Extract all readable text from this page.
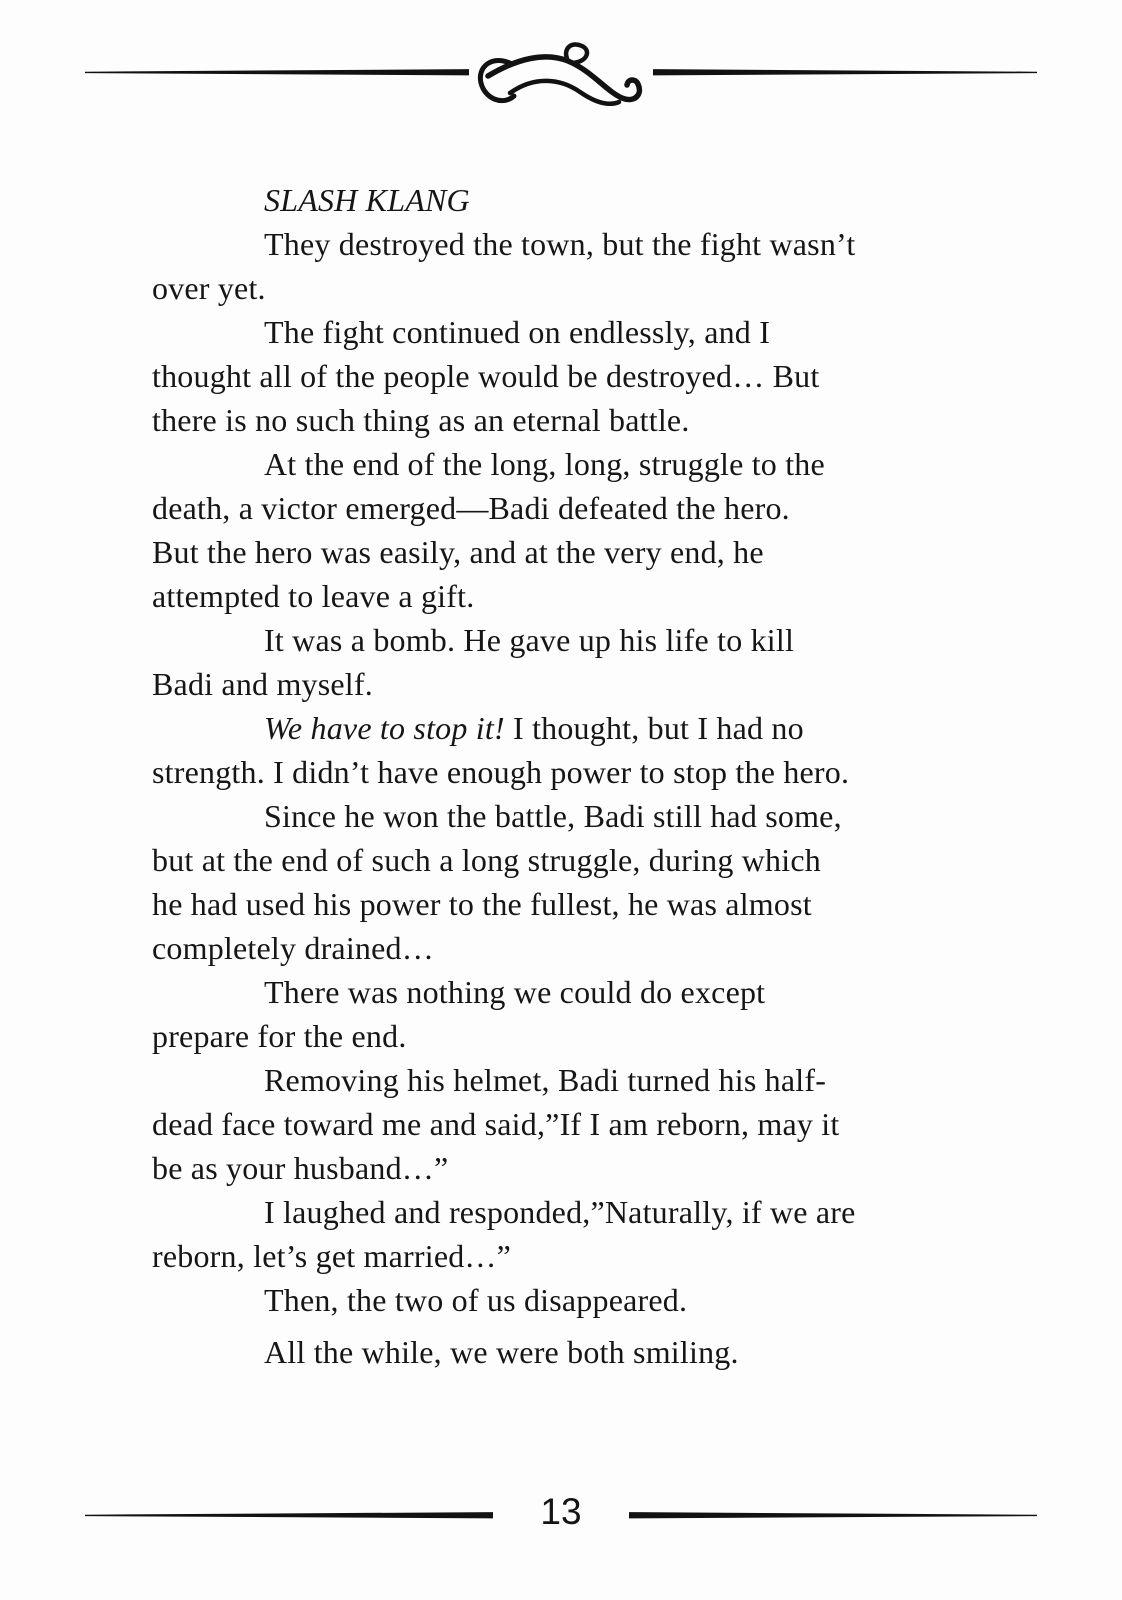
SLASH KLANG

They destroyed the town, but the fight wasn’t
over yet.

The fight continued on endlessly, and I
thought all of the people would be destroyed… But
there is no such thing as an eternal battle.

At the end of the long, long, struggle to the
death, a victor emerged—Badi defeated the hero.
But the hero was easily, and at the very end, he
attempted to leave a gift.

It was a bomb. He gave up his life to kill
Badi and myself.

We have to stop it! I thought, but I had no
strength. I didn’t have enough power to stop the hero.

Since he won the battle, Badi still had some,
but at the end of such a long struggle, during which
he had used his power to the fullest, he was almost
completely drained…

There was nothing we could do except
prepare for the end.

Removing his helmet, Badi turned his half-
dead face toward me and said,”If I am reborn, may it
be as your husband…”

I laughed and responded,”Naturally, if we are
reborn, let’s get married…”

Then, the two of us disappeared.

All the while, we were both smiling.

13
